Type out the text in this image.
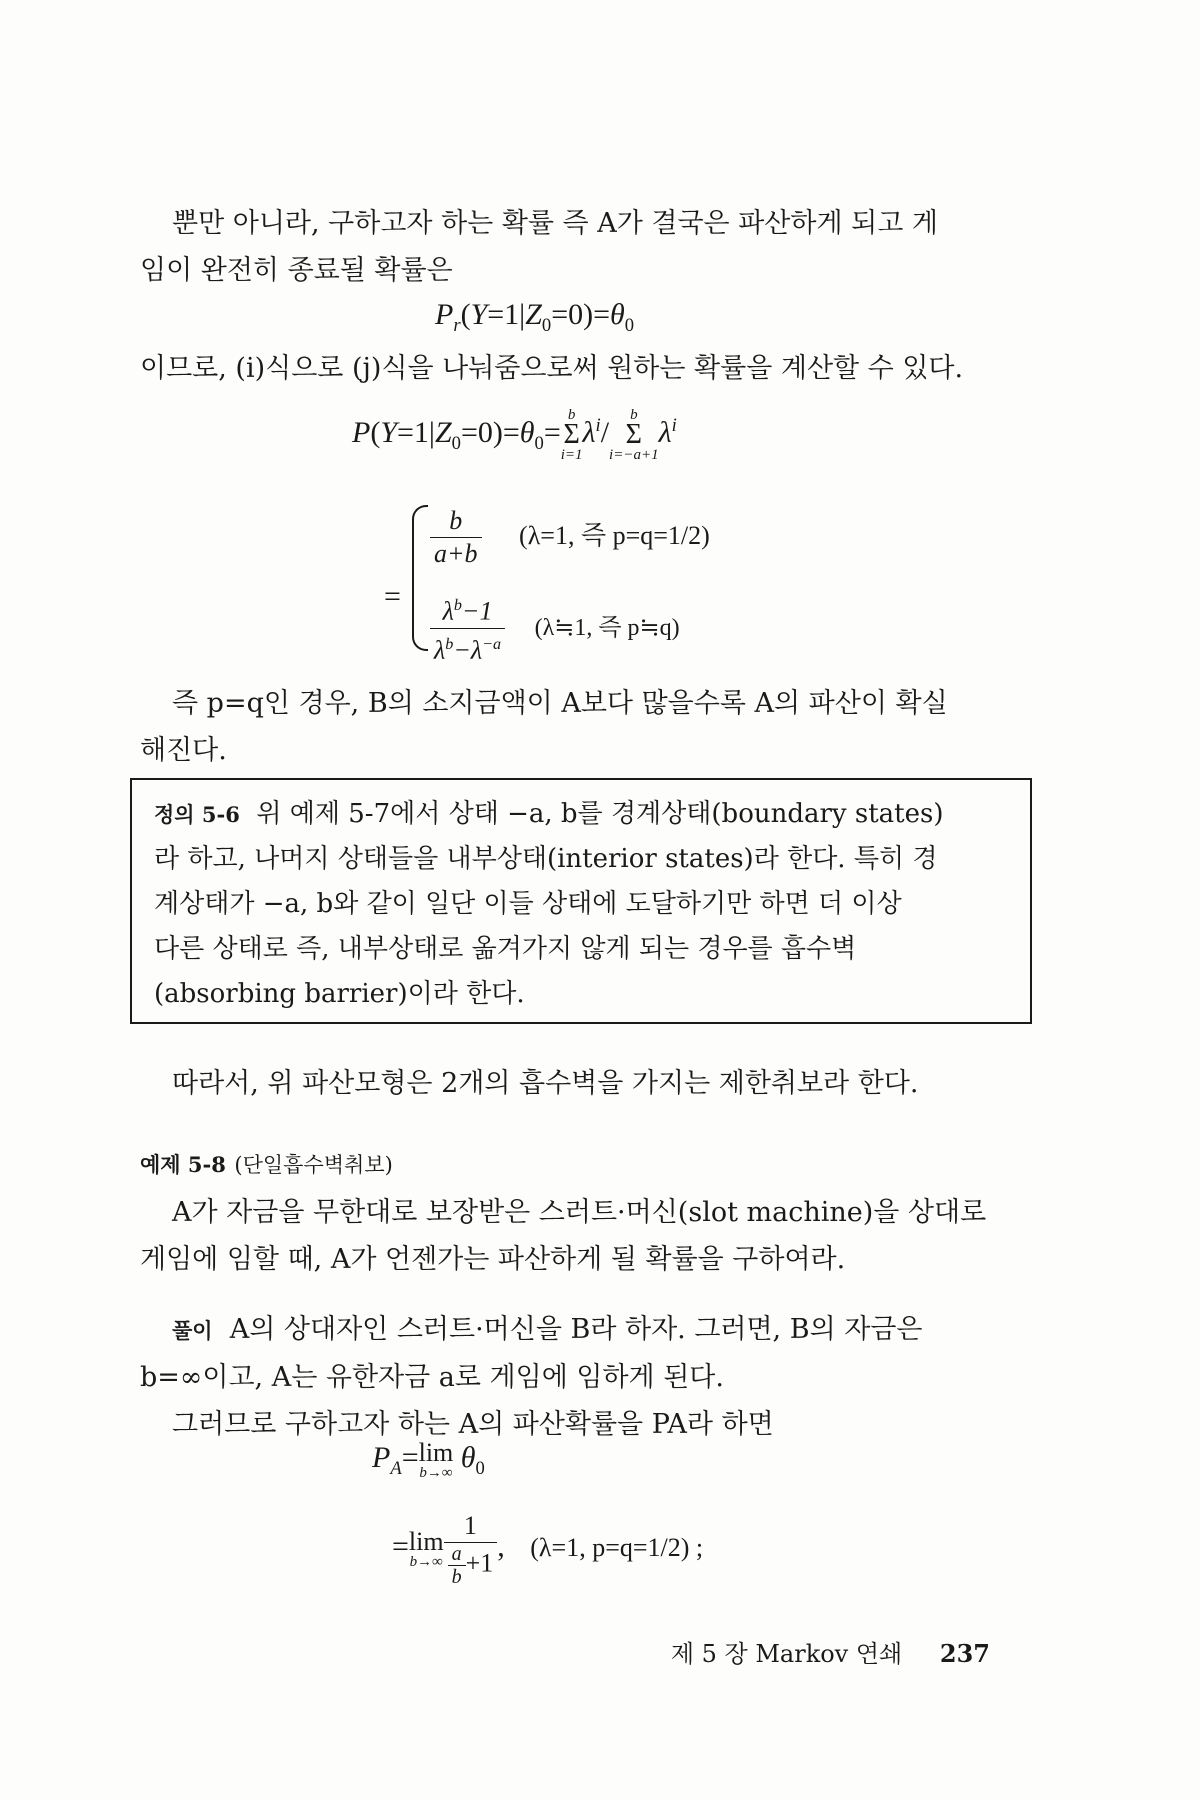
뿐만 아니라, 구하고자 하는 확률 즉 A가 결국은 파산하게 되고 게

임이 완전히 종료될 확률은

$P_r(Y=1|Z_0=0)=\theta_0$

이므로, (i)식으로 (j)식을 나눠줌으로써 원하는 확률을 계산할 수 있다.

$P(Y=1|Z_0=0)=\theta_0=$
b
Σ
i=1
$\lambda^i/$
b
Σ
i=−a+1
$\lambda^i$
=
$\frac{b}{a+b} (\lambda=1$, 즉 p=q=1/2)
$\frac{\lambda^b-1}{\lambda^b-\lambda^{-a}}$ (λ≒1, 즉 p≒q)

즉 p=q인 경우, B의 소지금액이 A보다 많을수록 A의 파산이 확실

해진다.

정의 5-6 위 예제 5-7에서 상태 −a, b를 경계상태(boundary states)
라 하고, 나머지 상태들을 내부상태(interior states)라 한다. 특히 경
계상태가 −a, b와 같이 일단 이들 상태에 도달하기만 하면 더 이상
다른 상태로 즉, 내부상태로 옮겨가지 않게 되는 경우를 흡수벽
(absorbing barrier)이라 한다.

따라서, 위 파산모형은 2개의 흡수벽을 가지는 제한취보라 한다.

예제 5-8 (단일흡수벽취보)

A가 자금을 무한대로 보장받은 스러트·머신(slot machine)을 상대로

게임에 임할 때, A가 언젠가는 파산하게 될 확률을 구하여라.

풀이 A의 상대자인 스러트·머신을 B라 하자. 그러면, B의 자금은

b=∞이고, A는 유한자금 a로 게임에 임하게 된다.

그러므로 구하고자 하는 A의 파산확률을 PA라 하면

$P_A= \lim$
b→∞ $\theta_0$
= lim
$b\to\infty \frac{1}{\frac{a}{b} +1}$ , (λ=1, p=q=1/2) ;
제 5 장 Markov 연쇄 237
